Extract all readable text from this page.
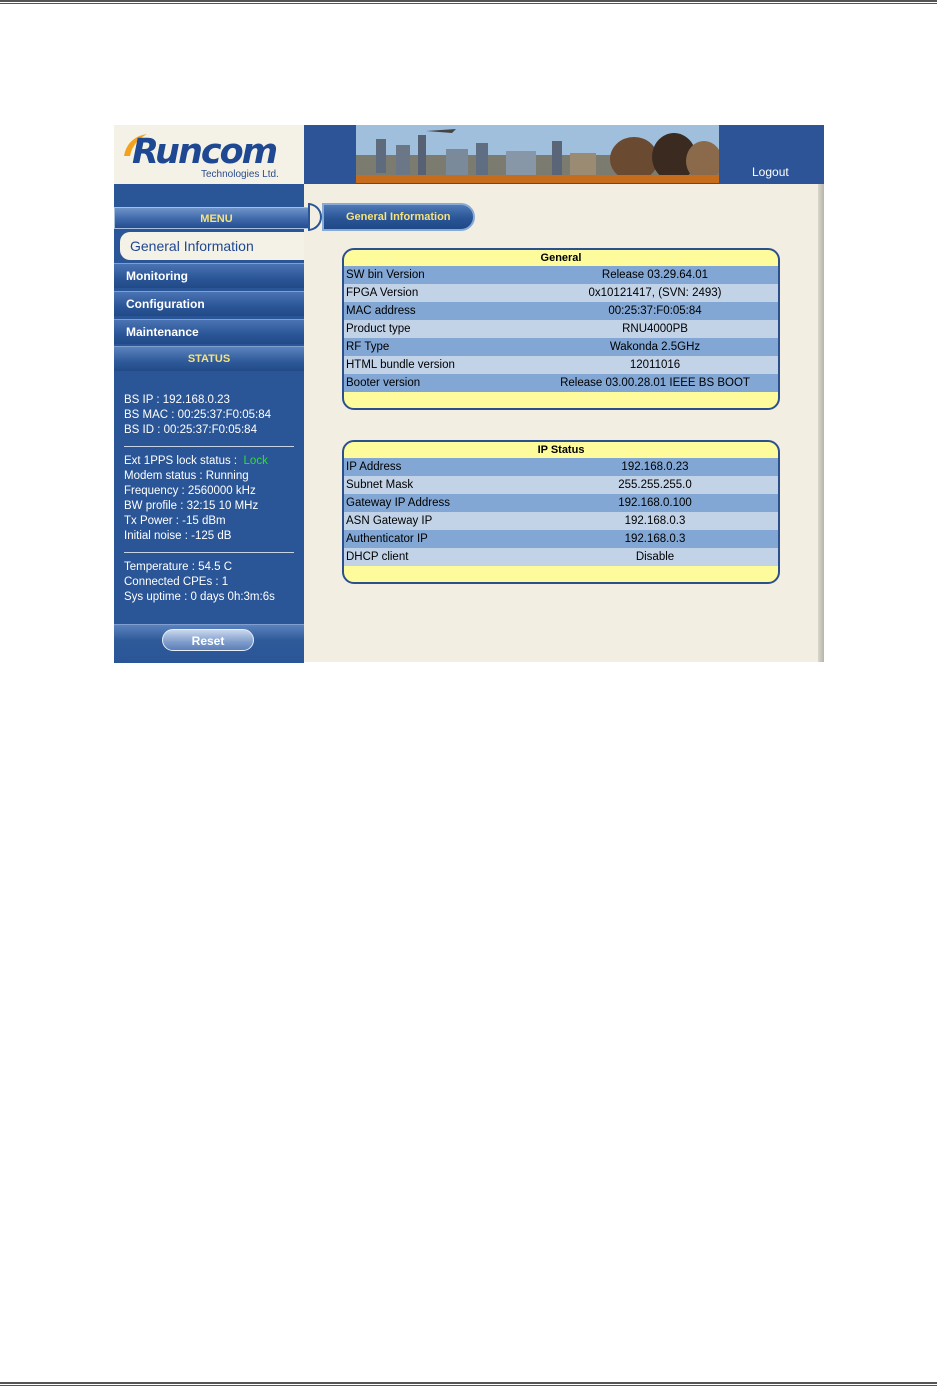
Runcom
Technologies Ltd.	Logout
MENU
General Information
Monitoring
Configuration
Maintenance
STATUS
BS IP : 192.168.0.23
BS MAC : 00:25:37:F0:05:84
BS ID : 00:25:37:F0:05:84
Ext 1PPS lock status : Lock
Modem status : Running
Frequency : 2560000 kHz
BW profile : 32:15 10 MHz
Tx Power : -15 dBm
Initial noise : -125 dB
Temperature : 54.5 C
Connected CPEs : 1
Sys uptime : 0 days 0h:3m:6s
Reset
General Information
General
SW bin Version	Release 03.29.64.01
FPGA Version	0x10121417, (SVN: 2493)
MAC address	00:25:37:F0:05:84
Product type	RNU4000PB
RF Type	Wakonda 2.5GHz
HTML bundle version	12011016
Booter version	Release 03.00.28.01 IEEE BS BOOT
IP Status
IP Address	192.168.0.23
Subnet Mask	255.255.255.0
Gateway IP Address	192.168.0.100
ASN Gateway IP	192.168.0.3
Authenticator IP	192.168.0.3
DHCP client	Disable
